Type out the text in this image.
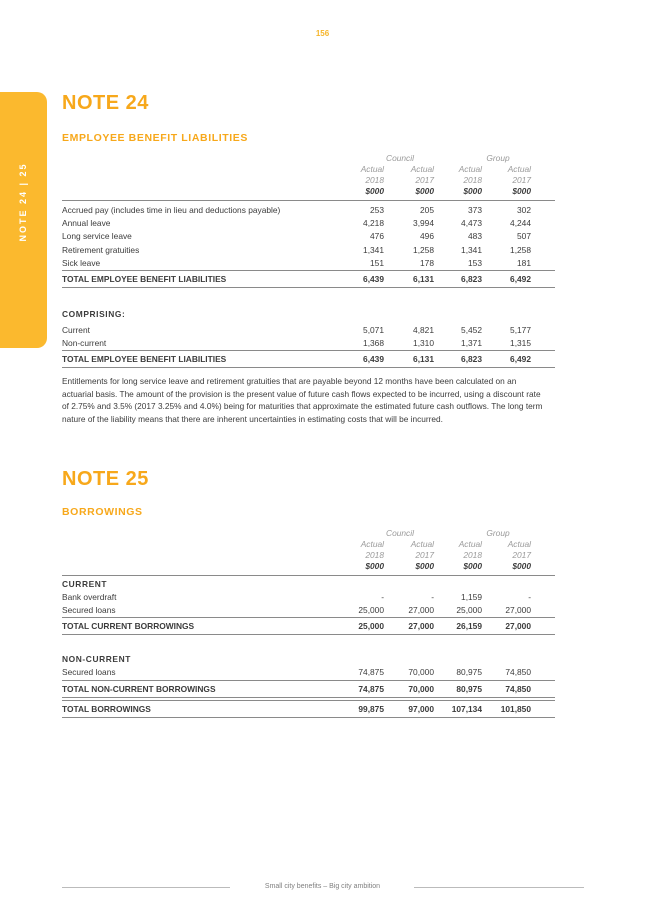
156
NOTE 24 | 25
NOTE 24
EMPLOYEE BENEFIT LIABILITIES
Council	Group
Actual	Actual	Actual	Actual
2018	2017	2018	2017
$000	$000	$000	$000
Accrued pay (includes time in lieu and deductions payable)	253	205	373	302
Annual leave	4,218	3,994	4,473	4,244
Long service leave	476	496	483	507
Retirement gratuities	1,341	1,258	1,341	1,258
Sick leave	151	178	153	181
TOTAL EMPLOYEE BENEFIT LIABILITIES	6,439	6,131	6,823	6,492
COMPRISING:
Current	5,071	4,821	5,452	5,177
Non-current	1,368	1,310	1,371	1,315
TOTAL EMPLOYEE BENEFIT LIABILITIES	6,439	6,131	6,823	6,492
Entitlements for long service leave and retirement gratuities that are payable beyond 12 months have been calculated on an
actuarial basis. The amount of the provision is the present value of future cash flows expected to be incurred, using a discount rate
of 2.75% and 3.5% (2017 3.25% and 4.0%) being for maturities that approximate the estimated future cash outflows. The long term
nature of the liability means that there are inherent uncertainties in estimating costs that will be incurred.
NOTE 25
BORROWINGS
Council	Group
Actual	Actual	Actual	Actual
2018	2017	2018	2017
$000	$000	$000	$000
CURRENT
Bank overdraft	-	-	1,159	-
Secured loans	25,000	27,000	25,000	27,000
TOTAL CURRENT BORROWINGS	25,000	27,000	26,159	27,000
NON-CURRENT
Secured loans	74,875	70,000	80,975	74,850
TOTAL NON-CURRENT BORROWINGS	74,875	70,000	80,975	74,850
TOTAL BORROWINGS	99,875	97,000	107,134	101,850
Small city benefits – Big city ambition
